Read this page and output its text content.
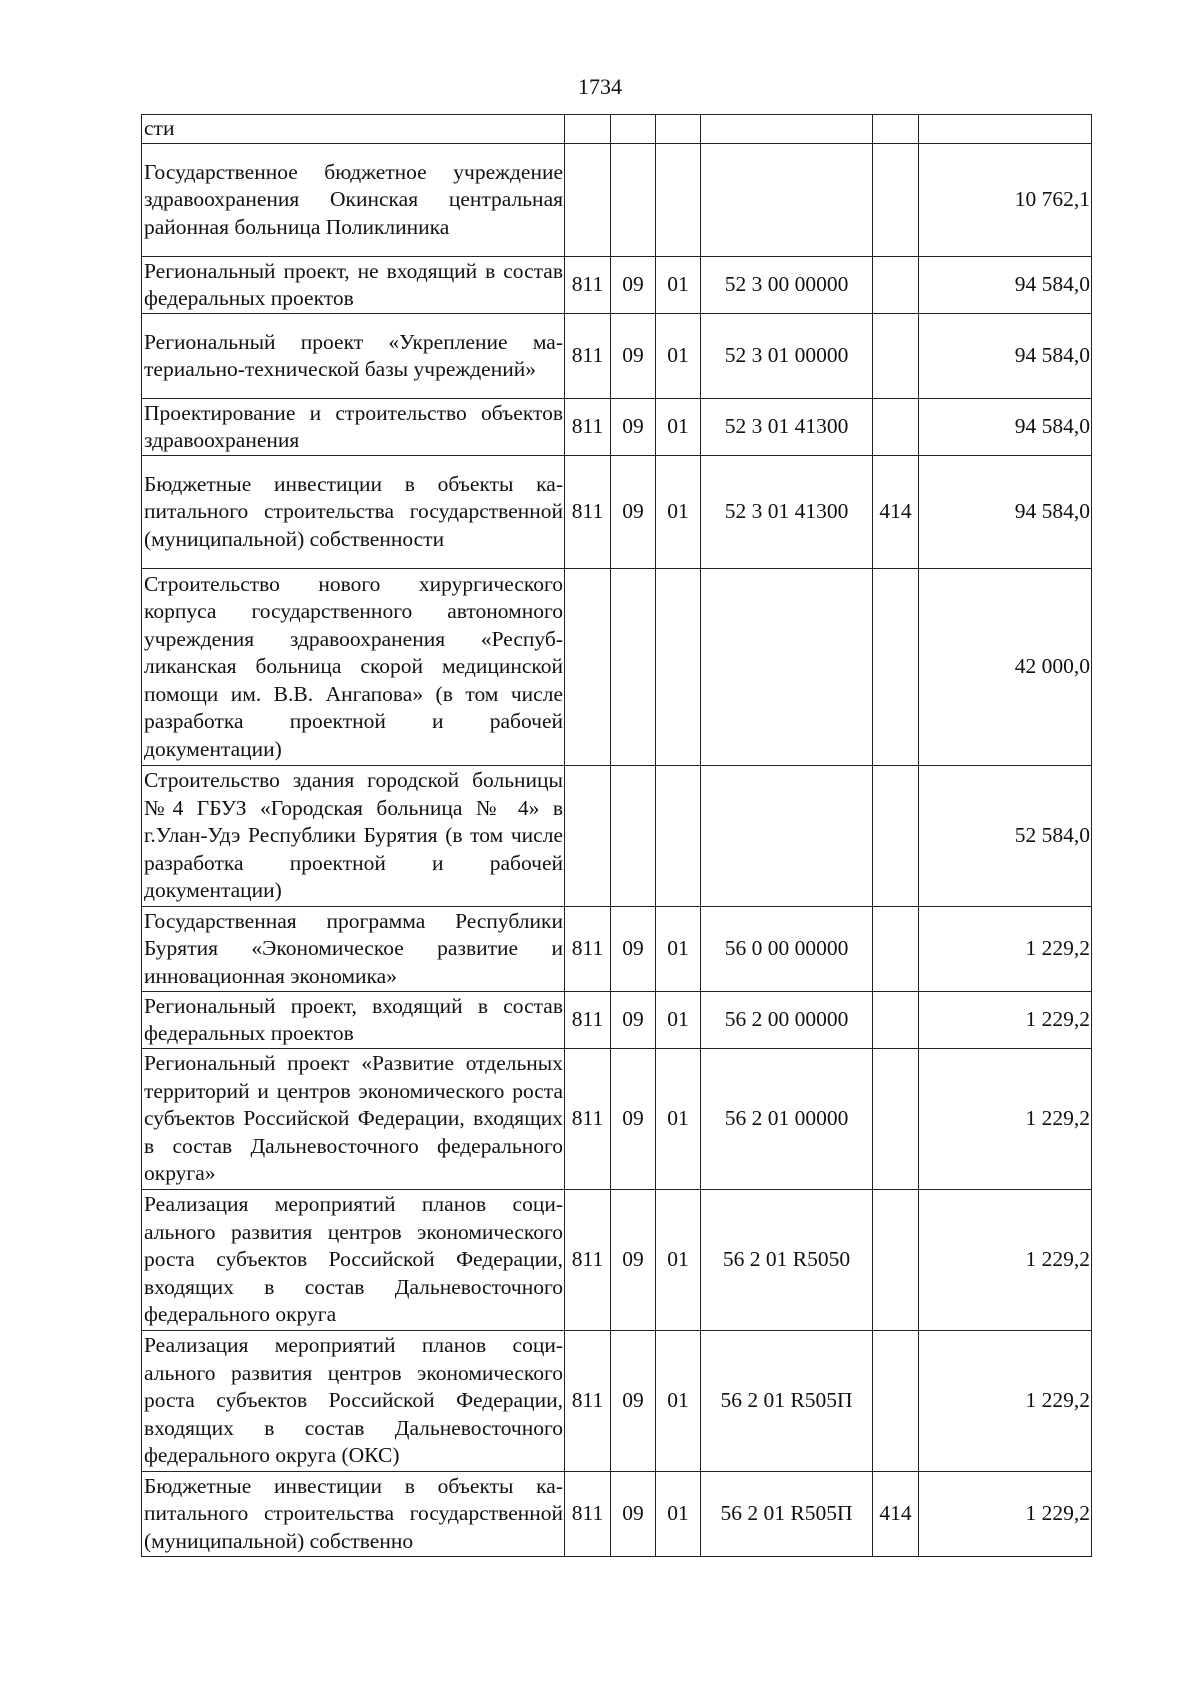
1734
сти						
Государственное бюджетное учреждение здравоохранения Окинская центральная районная больница Поликлиника						10 762,1
Региональный проект, не входящий в состав федеральных проектов	811	09	01	52 3 00 00000		94 584,0
Региональный проект «Укрепление материально-технической базы учреждений»	811	09	01	52 3 01 00000		94 584,0
Проектирование и строительство объектов здравоохранения	811	09	01	52 3 01 41300		94 584,0
Бюджетные инвестиции в объекты капитального строительства государственной (муниципальной) собственности	811	09	01	52 3 01 41300	414	94 584,0
Строительство нового хирургического корпуса государственного автономного учреждения здравоохранения «Республиканская больница скорой медицинской помощи им. В.В. Ангапова» (в том числе разработка проектной и рабочей документации)						42 000,0
Строительство здания городской больницы №4 ГБУЗ «Городская больница № 4» в г.Улан-Удэ Республики Бурятия (в том числе разработка проектной и рабочей документации)						52 584,0
Государственная программа Республики Бурятия «Экономическое развитие и инновационная экономика»	811	09	01	56 0 00 00000		1 229,2
Региональный проект, входящий в состав федеральных проектов	811	09	01	56 2 00 00000		1 229,2
Региональный проект «Развитие отдельных территорий и центров экономического роста субъектов Российской Федерации, входящих в состав Дальневосточного федерального округа»	811	09	01	56 2 01 00000		1 229,2
Реализация мероприятий планов социального развития центров экономического роста субъектов Российской Федерации, входящих в состав Дальневосточного федерального округа	811	09	01	56 2 01 R5050		1 229,2
Реализация мероприятий планов социального развития центров экономического роста субъектов Российской Федерации, входящих в состав Дальневосточного федерального округа (ОКС)	811	09	01	56 2 01 R505П		1 229,2
Бюджетные инвестиции в объекты капитального строительства государственной (муниципальной) собственно	811	09	01	56 2 01 R505П	414	1 229,2
